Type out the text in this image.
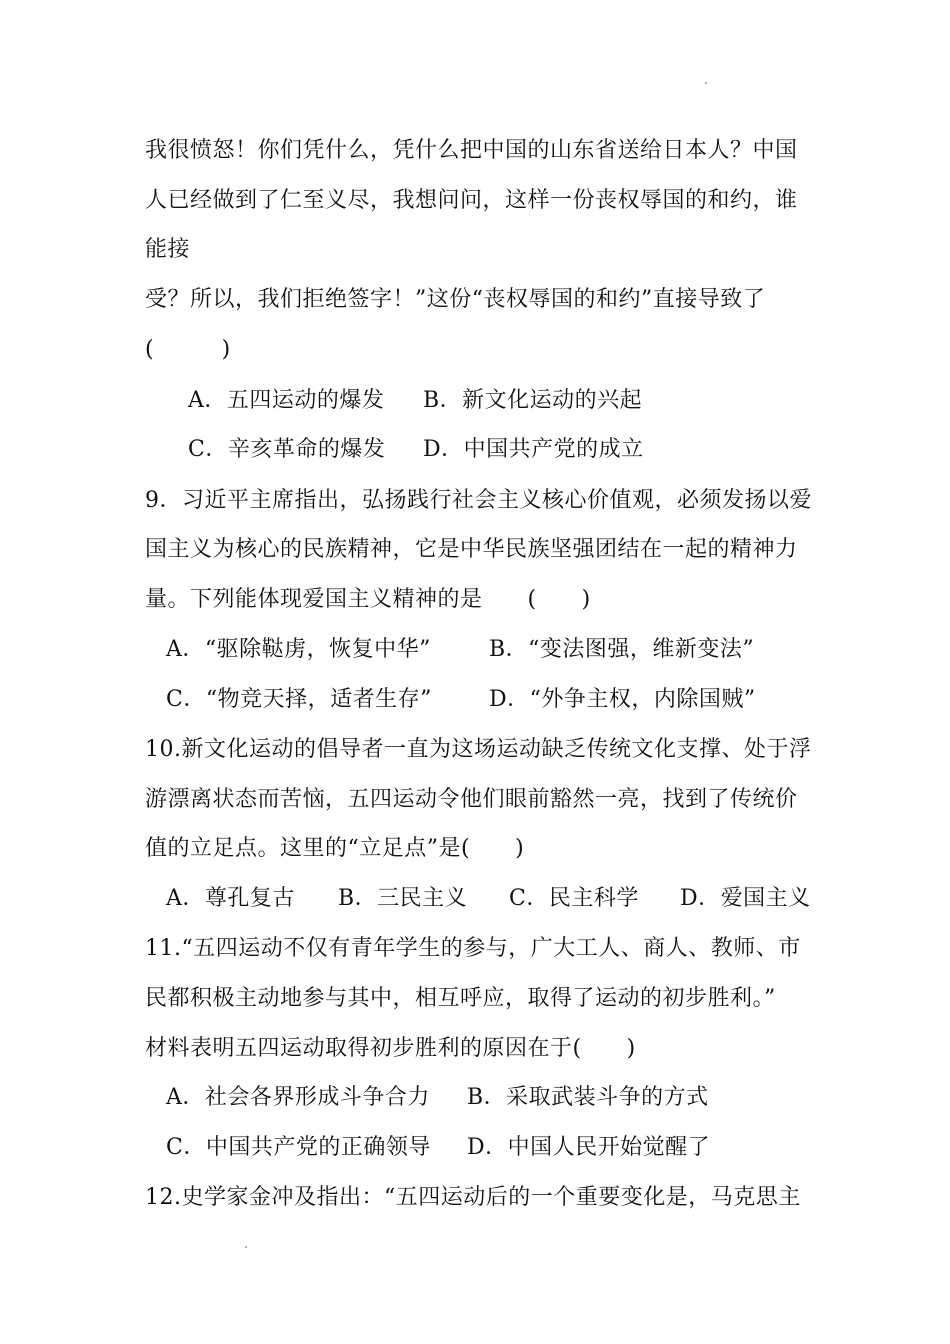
我很愤怒！你们凭什么，凭什么把中国的山东省送给日本人？中国
人已经做到了仁至义尽，我想问问，这样一份丧权辱国的和约，谁
能接
受？所以，我们拒绝签字！”这份“丧权辱国的和约”直接导致了
(　　　)
A．五四运动的爆发 B．新文化运动的兴起
C．辛亥革命的爆发 D．中国共产党的成立
9．习近平主席指出，弘扬践行社会主义核心价值观，必须发扬以爱
国主义为核心的民族精神，它是中华民族坚强团结在一起的精神力
量。下列能体现爱国主义精神的是　　(　　)
A．“驱除鞑虏，恢复中华”	B．“变法图强，维新变法”
C．“物竞天择，适者生存”	D．“外争主权，内除国贼”
10.新文化运动的倡导者一直为这场运动缺乏传统文化支撑、处于浮
游漂离状态而苦恼，五四运动令他们眼前豁然一亮，找到了传统价
值的立足点。这里的“立足点”是(　　)
A．尊孔复古 B．三民主义 C．民主科学 D．爱国主义
11.“五四运动不仅有青年学生的参与，广大工人、商人、教师、市
民都积极主动地参与其中，相互呼应，取得了运动的初步胜利。”
材料表明五四运动取得初步胜利的原因在于(　　)
A．社会各界形成斗争合力 B．采取武装斗争的方式
C．中国共产党的正确领导 D．中国人民开始觉醒了
12.史学家金冲及指出：“五四运动后的一个重要变化是，马克思主
